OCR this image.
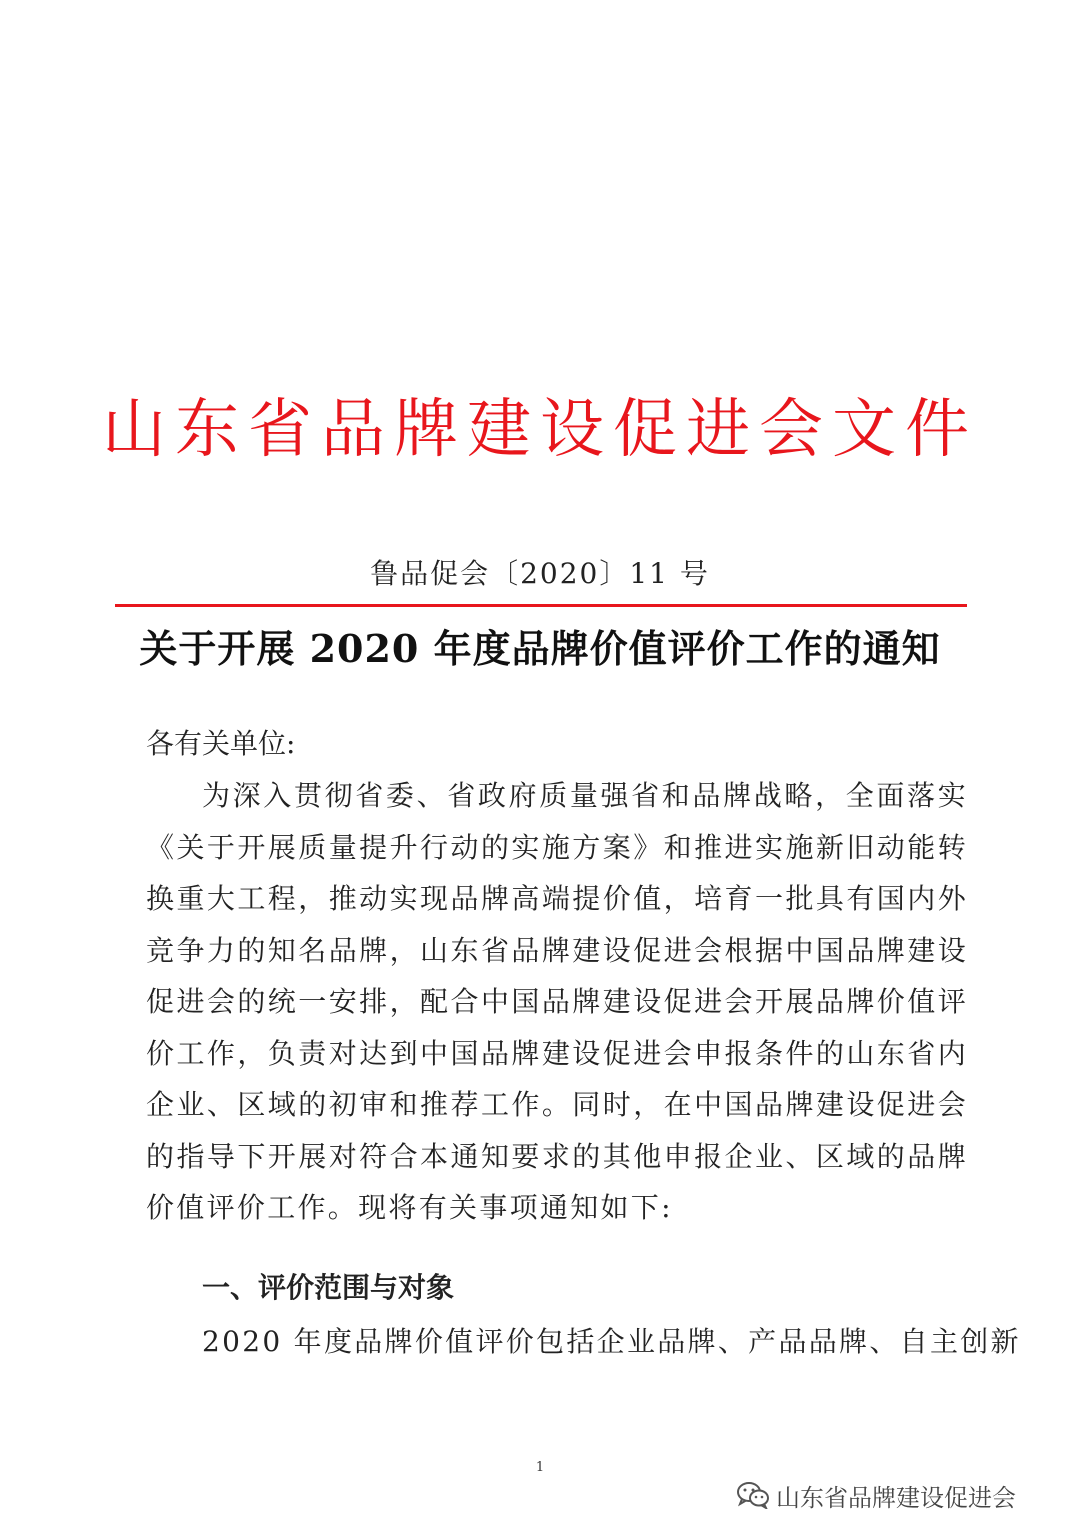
山东省品牌建设促进会文件
鲁品促会〔2020〕11 号
关于开展 2020 年度品牌价值评价工作的通知
各有关单位:

为深入贯彻省委、省政府质量强省和品牌战略，全面落实《关于开展质量提升行动的实施方案》和推进实施新旧动能转换重大工程，推动实现品牌高端提价值，培育一批具有国内外竞争力的知名品牌，山东省品牌建设促进会根据中国品牌建设促进会的统一安排，配合中国品牌建设促进会开展品牌价值评价工作，负责对达到中国品牌建设促进会申报条件的山东省内企业、区域的初审和推荐工作。同时，在中国品牌建设促进会的指导下开展对符合本通知要求的其他申报企业、区域的品牌价值评价工作。现将有关事项通知如下:

一、评价范围与对象
2020 年度品牌价值评价包括企业品牌、产品品牌、自主创新
1
山东省品牌建设促进会
